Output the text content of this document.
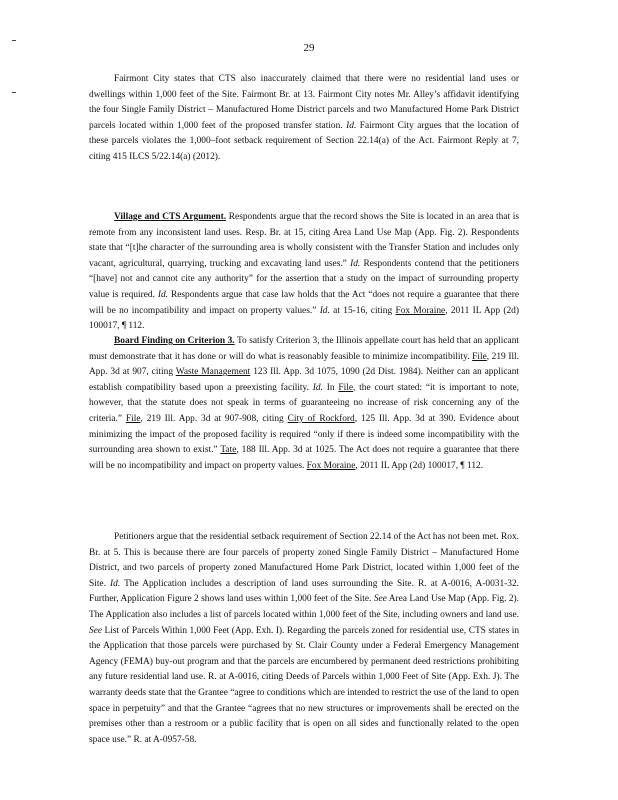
29
Fairmont City states that CTS also inaccurately claimed that there were no residential land uses or dwellings within 1,000 feet of the Site. Fairmont Br. at 13. Fairmont City notes Mr. Alley’s affidavit identifying the four Single Family District – Manufactured Home District parcels and two Manufactured Home Park District parcels located within 1,000 feet of the proposed transfer station. Id. Fairmont City argues that the location of these parcels violates the 1,000–foot setback requirement of Section 22.14(a) of the Act. Fairmont Reply at 7, citing 415 ILCS 5/22.14(a) (2012).
Village and CTS Argument. Respondents argue that the record shows the Site is located in an area that is remote from any inconsistent land uses. Resp. Br. at 15, citing Area Land Use Map (App. Fig. 2). Respondents state that “[t]he character of the surrounding area is wholly consistent with the Transfer Station and includes only vacant, agricultural, quarrying, trucking and excavating land uses.” Id. Respondents contend that the petitioners “[have] not and cannot cite any authority” for the assertion that a study on the impact of surrounding property value is required. Id. Respondents argue that case law holds that the Act “does not require a guarantee that there will be no incompatibility and impact on property values.” Id. at 15-16, citing Fox Moraine, 2011 IL App (2d) 100017, ¶ 112.
Board Finding on Criterion 3. To satisfy Criterion 3, the Illinois appellate court has held that an applicant must demonstrate that it has done or will do what is reasonably feasible to minimize incompatibility. File, 219 Ill. App. 3d at 907, citing Waste Management 123 Ill. App. 3d 1075, 1090 (2d Dist. 1984). Neither can an applicant establish compatibility based upon a preexisting facility. Id. In File, the court stated: “it is important to note, however, that the statute does not speak in terms of guaranteeing no increase of risk concerning any of the criteria.” File, 219 Ill. App. 3d at 907-908, citing City of Rockford, 125 Ill. App. 3d at 390. Evidence about minimizing the impact of the proposed facility is required “only if there is indeed some incompatibility with the surrounding area shown to exist.” Tate, 188 Ill. App. 3d at 1025. The Act does not require a guarantee that there will be no incompatibility and impact on property values. Fox Moraine, 2011 IL App (2d) 100017, ¶ 112.
Petitioners argue that the residential setback requirement of Section 22.14 of the Act has not been met. Rox. Br. at 5. This is because there are four parcels of property zoned Single Family District – Manufactured Home District, and two parcels of property zoned Manufactured Home Park District, located within 1,000 feet of the Site. Id. The Application includes a description of land uses surrounding the Site. R. at A-0016, A-0031-32. Further, Application Figure 2 shows land uses within 1,000 feet of the Site. See Area Land Use Map (App. Fig. 2). The Application also includes a list of parcels located within 1,000 feet of the Site, including owners and land use. See List of Parcels Within 1,000 Feet (App. Exh. I). Regarding the parcels zoned for residential use, CTS states in the Application that those parcels were purchased by St. Clair County under a Federal Emergency Management Agency (FEMA) buy-out program and that the parcels are encumbered by permanent deed restrictions prohibiting any future residential land use. R. at A-0016, citing Deeds of Parcels within 1,000 Feet of Site (App. Exh. J). The warranty deeds state that the Grantee “agree to conditions which are intended to restrict the use of the land to open space in perpetuity” and that the Grantee “agrees that no new structures or improvements shall be erected on the premises other than a restroom or a public facility that is open on all sides and functionally related to the open space use.” R. at A-0957-58.
